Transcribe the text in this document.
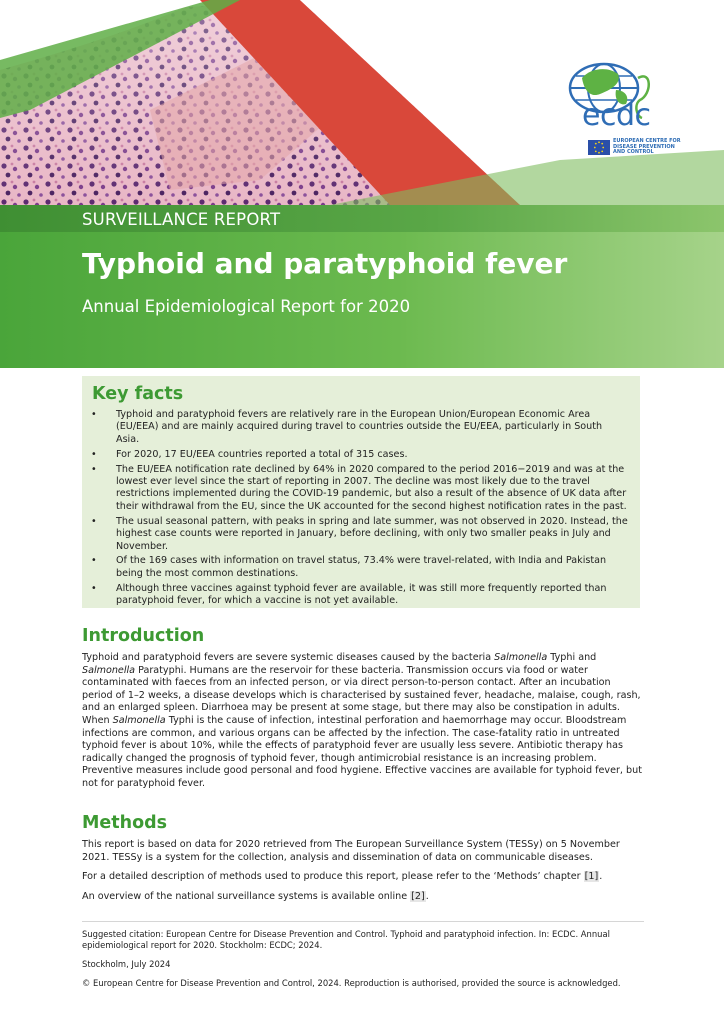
ecdc
EUROPEAN CENTRE FOR
DISEASE PREVENTION
AND CONTROL
SURVEILLANCE REPORT
Typhoid and paratyphoid fever
Annual Epidemiological Report for 2020
Key facts
• Typhoid and paratyphoid fevers are relatively rare in the European Union/European Economic Area (EU/EEA) and are mainly acquired during travel to countries outside the EU/EEA, particularly in South Asia.
• For 2020, 17 EU/EEA countries reported a total of 315 cases.
• The EU/EEA notification rate declined by 64% in 2020 compared to the period 2016−2019 and was at the lowest ever level since the start of reporting in 2007. The decline was most likely due to the travel restrictions implemented during the COVID-19 pandemic, but also a result of the absence of UK data after their withdrawal from the EU, since the UK accounted for the second highest notification rates in the past.
• The usual seasonal pattern, with peaks in spring and late summer, was not observed in 2020. Instead, the highest case counts were reported in January, before declining, with only two smaller peaks in July and November.
• Of the 169 cases with information on travel status, 73.4% were travel-related, with India and Pakistan being the most common destinations.
• Although three vaccines against typhoid fever are available, it was still more frequently reported than paratyphoid fever, for which a vaccine is not yet available.
Introduction

Typhoid and paratyphoid fevers are severe systemic diseases caused by the bacteria Salmonella Typhi and Salmonella Paratyphi. Humans are the reservoir for these bacteria. Transmission occurs via food or water contaminated with faeces from an infected person, or via direct person-to-person contact. After an incubation period of 1–2 weeks, a disease develops which is characterised by sustained fever, headache, malaise, cough, rash, and an enlarged spleen. Diarrhoea may be present at some stage, but there may also be constipation in adults. When Salmonella Typhi is the cause of infection, intestinal perforation and haemorrhage may occur. Bloodstream infections are common, and various organs can be affected by the infection. The case-fatality ratio in untreated typhoid fever is about 10%, while the effects of paratyphoid fever are usually less severe. Antibiotic therapy has radically changed the prognosis of typhoid fever, though antimicrobial resistance is an increasing problem. Preventive measures include good personal and food hygiene. Effective vaccines are available for typhoid fever, but not for paratyphoid fever.

Methods

This report is based on data for 2020 retrieved from The European Surveillance System (TESSy) on 5 November 2021. TESSy is a system for the collection, analysis and dissemination of data on communicable diseases.

For a detailed description of methods used to produce this report, please refer to the ‘Methods’ chapter [1].

An overview of the national surveillance systems is available online [2].

Suggested citation: European Centre for Disease Prevention and Control. Typhoid and paratyphoid infection. In: ECDC. Annual epidemiological report for 2020. Stockholm: ECDC; 2024.

Stockholm, July 2024

© European Centre for Disease Prevention and Control, 2024. Reproduction is authorised, provided the source is acknowledged.
